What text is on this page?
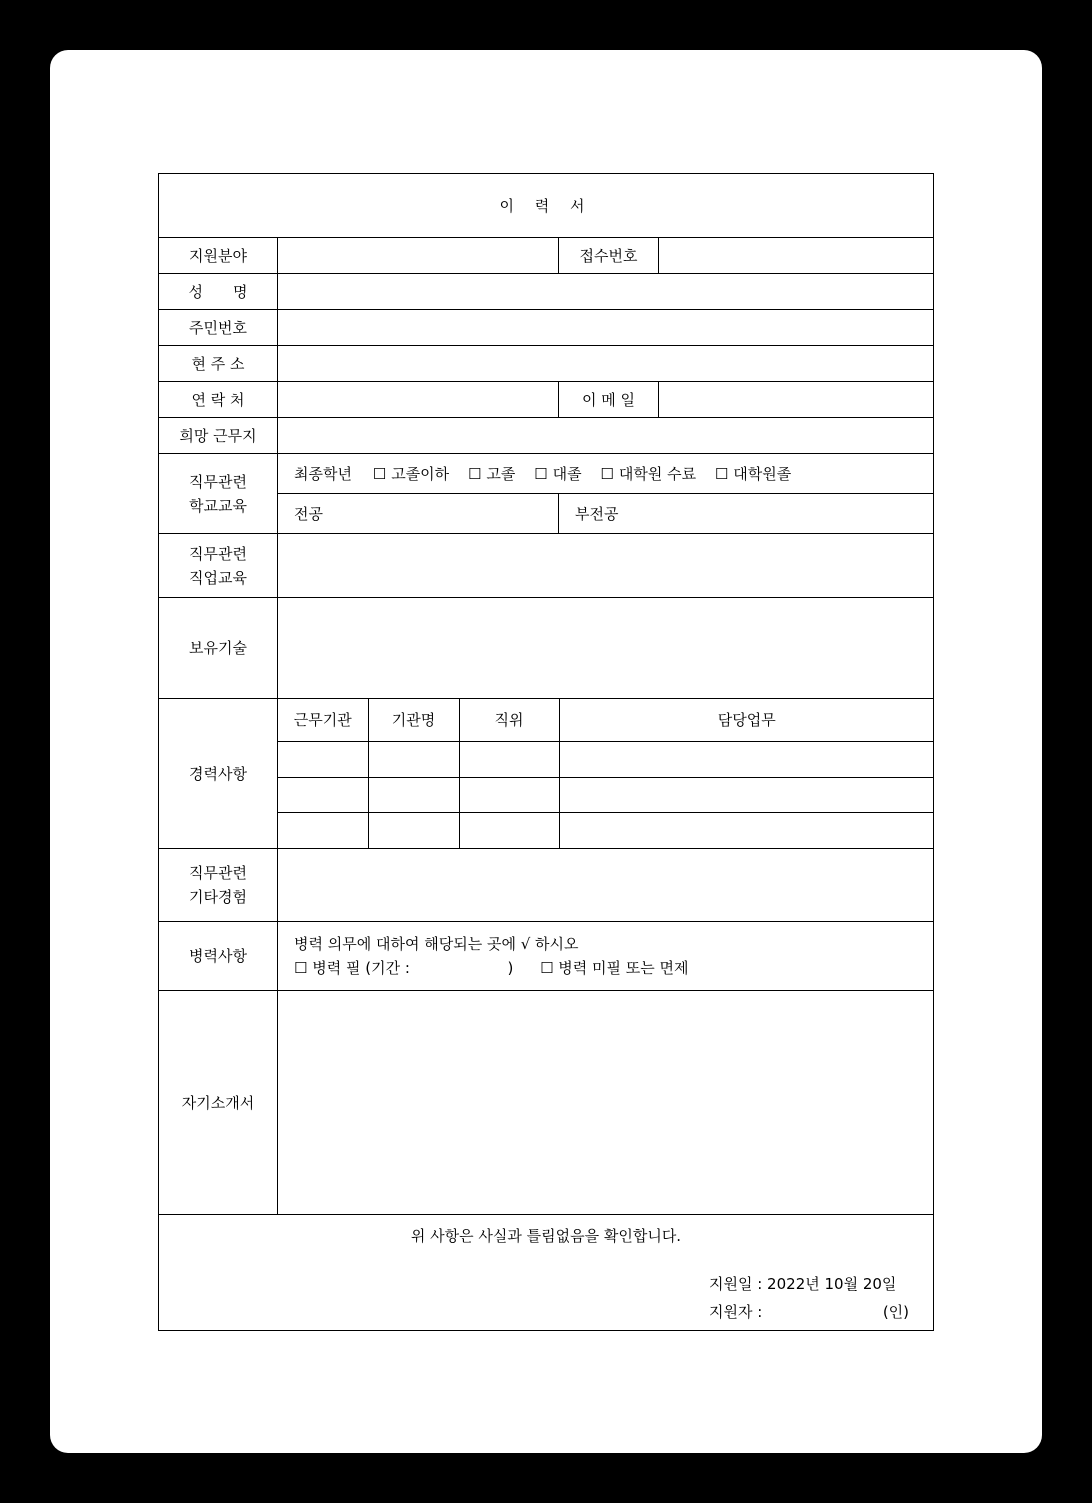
이 력 서
지원분야		접수번호	
성　　명	
주민번호	
현 주 소	
연 락 처		이 메 일	
희망 근무지	

직무관련
학교교육
	최종학년 ☐ 고졸이하 ☐ 고졸 ☐ 대졸 ☐ 대학원 수료 ☐ 대학원졸
전공	부전공

직무관련
직업교육

보유기술	
경력사항	
근무기관	기관명	직위	담당업무

직무관련
기타경험

병력사항	
병력 의무에 대하여 해당되는 곳에 √ 하시오
☐ 병력 필 (기간 :	) ☐ 병력 미필 또는 면제

자기소개서	

위 사항은 사실과 틀림없음을 확인합니다.
지원일 : 2022년 10월 20일
지원자 :	(인)
